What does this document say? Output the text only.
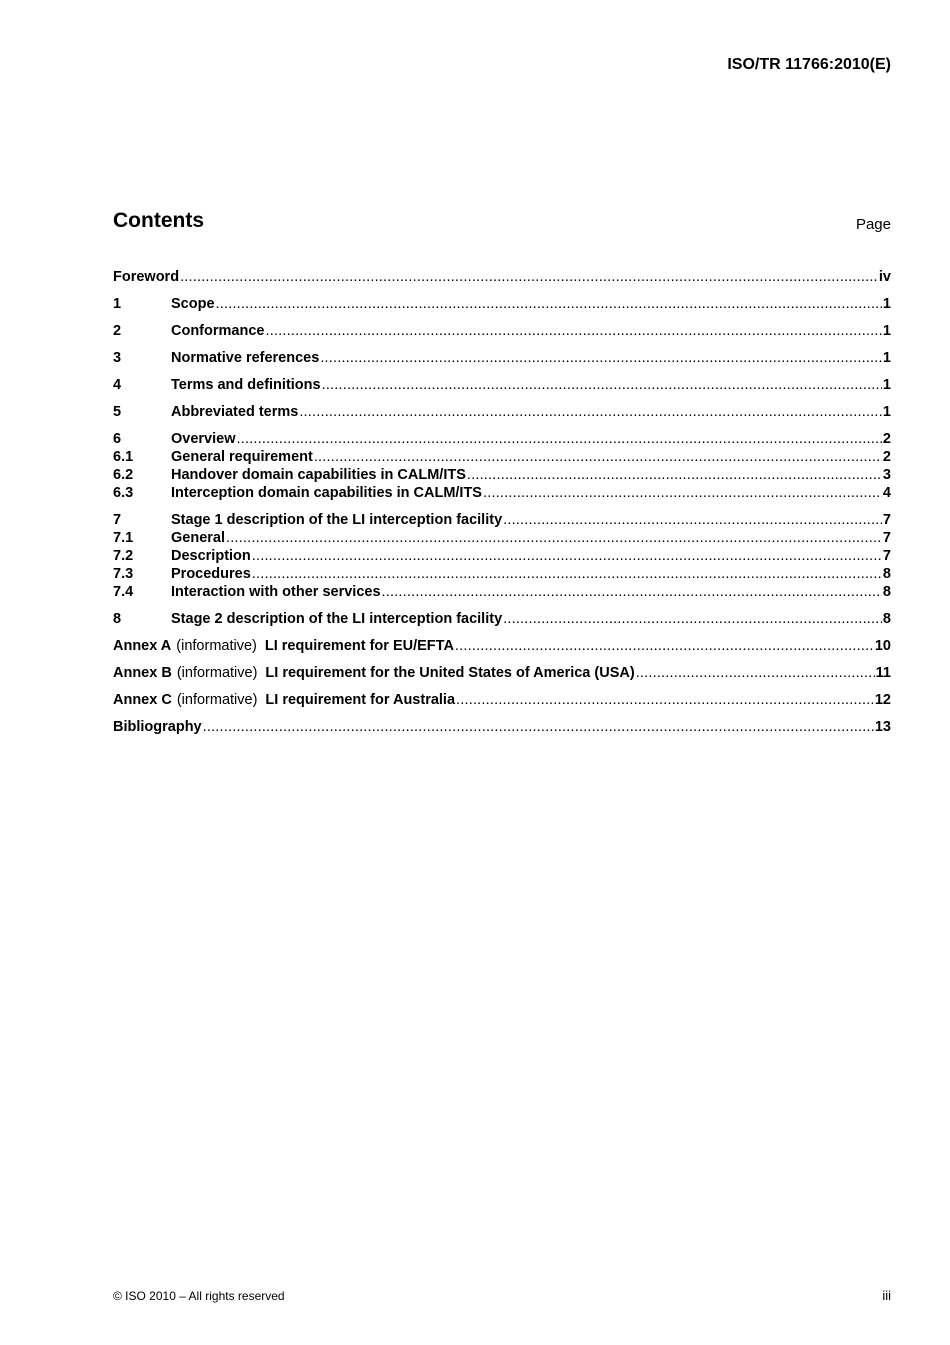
ISO/TR 11766:2010(E)
Contents	Page
Foreword .....	iv
1	Scope .....	1
2	Conformance .....	1
3	Normative references .....	1
4	Terms and definitions .....	1
5	Abbreviated terms .....	1
6	Overview .....	2
6.1	General requirement .....	2
6.2	Handover domain capabilities in CALM/ITS .....	3
6.3	Interception domain capabilities in CALM/ITS .....	4
7	Stage 1 description of the LI interception facility .....	7
7.1	General .....	7
7.2	Description .....	7
7.3	Procedures .....	8
7.4	Interaction with other services .....	8
8	Stage 2 description of the LI interception facility .....	8
Annex A (informative) LI requirement for EU/EFTA .....	10
Annex B (informative) LI requirement for the United States of America (USA) .....	11
Annex C (informative) LI requirement for Australia .....	12
Bibliography .....	13
© ISO 2010 – All rights reserved	iii
